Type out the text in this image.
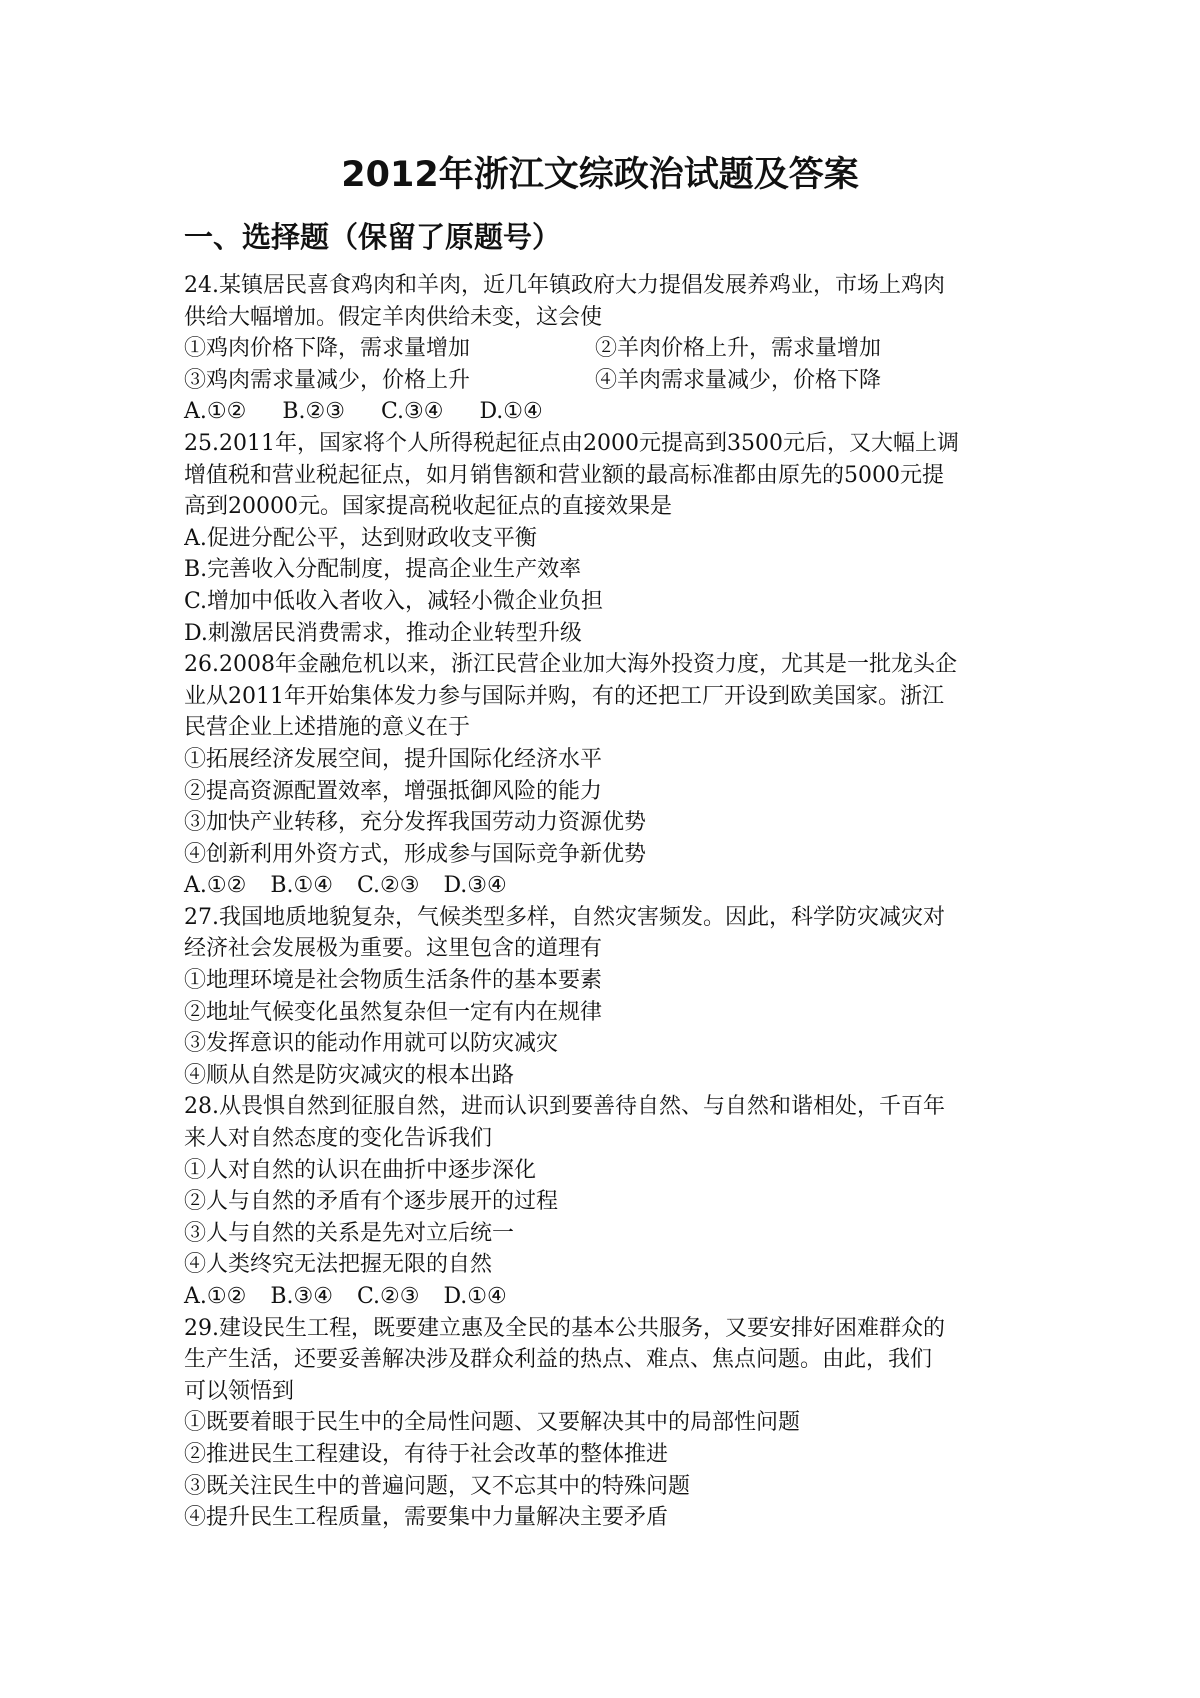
2012年浙江文综政治试题及答案
一、选择题（保留了原题号）
24.某镇居民喜食鸡肉和羊肉，近几年镇政府大力提倡发展养鸡业，市场上鸡肉
供给大幅增加。假定羊肉供给未变，这会使
①鸡肉价格下降，需求量增加	②羊肉价格上升，需求量增加
③鸡肉需求量减少，价格上升	④羊肉需求量减少，价格下降
A.①② B.②③ C.③④ D.①④
25.2011年，国家将个人所得税起征点由2000元提高到3500元后，又大幅上调
增值税和营业税起征点，如月销售额和营业额的最高标准都由原先的5000元提
高到20000元。国家提高税收起征点的直接效果是
A.促进分配公平，达到财政收支平衡
B.完善收入分配制度，提高企业生产效率
C.增加中低收入者收入，减轻小微企业负担
D.刺激居民消费需求，推动企业转型升级
26.2008年金融危机以来，浙江民营企业加大海外投资力度，尤其是一批龙头企
业从2011年开始集体发力参与国际并购，有的还把工厂开设到欧美国家。浙江
民营企业上述措施的意义在于
①拓展经济发展空间，提升国际化经济水平
②提高资源配置效率，增强抵御风险的能力
③加快产业转移，充分发挥我国劳动力资源优势
④创新利用外资方式，形成参与国际竞争新优势
A.①② B.①④ C.②③ D.③④
27.我国地质地貌复杂，气候类型多样，自然灾害频发。因此，科学防灾减灾对
经济社会发展极为重要。这里包含的道理有
①地理环境是社会物质生活条件的基本要素
②地址气候变化虽然复杂但一定有内在规律
③发挥意识的能动作用就可以防灾减灾
④顺从自然是防灾减灾的根本出路
28.从畏惧自然到征服自然，进而认识到要善待自然、与自然和谐相处，千百年
来人对自然态度的变化告诉我们
①人对自然的认识在曲折中逐步深化
②人与自然的矛盾有个逐步展开的过程
③人与自然的关系是先对立后统一
④人类终究无法把握无限的自然
A.①② B.③④ C.②③ D.①④
29.建设民生工程，既要建立惠及全民的基本公共服务，又要安排好困难群众的
生产生活，还要妥善解决涉及群众利益的热点、难点、焦点问题。由此，我们
可以领悟到
①既要着眼于民生中的全局性问题、又要解决其中的局部性问题
②推进民生工程建设，有待于社会改革的整体推进
③既关注民生中的普遍问题，又不忘其中的特殊问题
④提升民生工程质量，需要集中力量解决主要矛盾
